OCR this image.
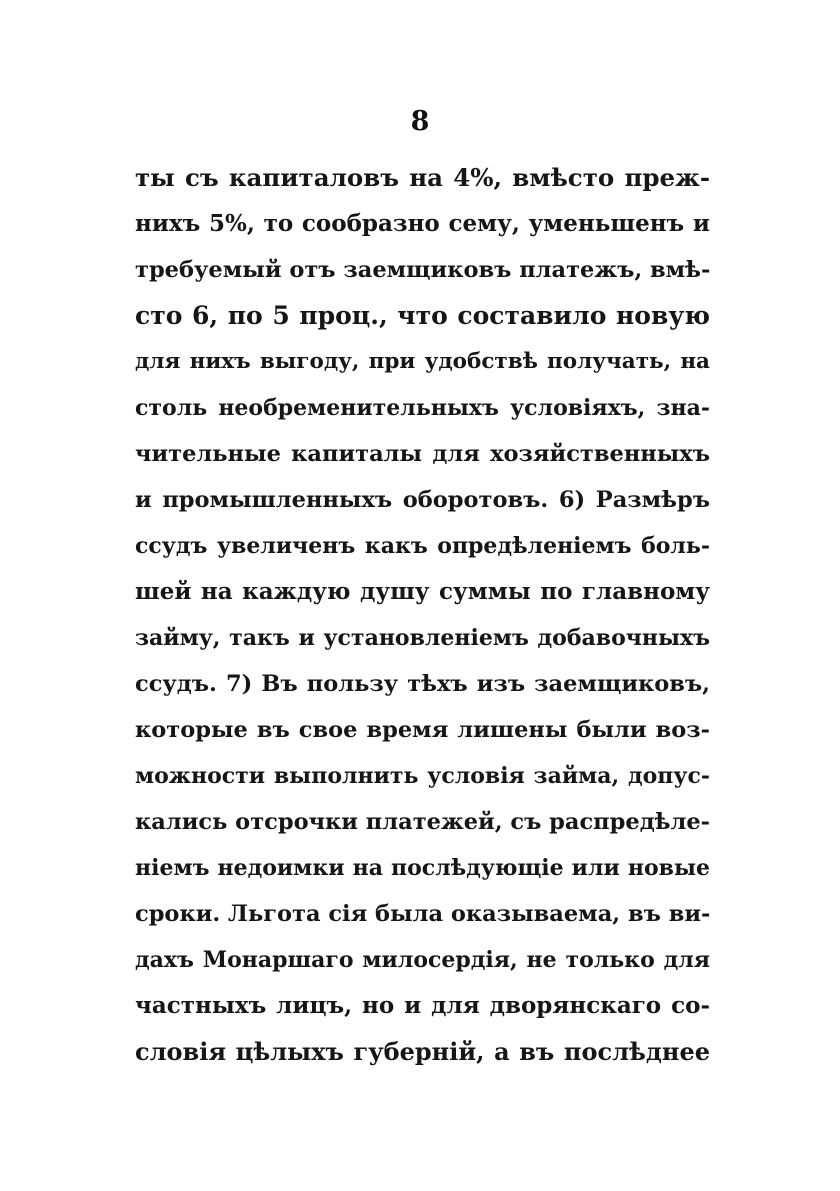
8
ты съ капиталовъ на 4%, вмѣсто преж-
нихъ 5%, то сообразно сему, уменьшенъ и
требуемый отъ заемщиковъ платежъ, вмѣ-
сто 6, по 5 проц., что составило новую
для нихъ выгоду, при удобствѣ получать, на
столь необременительныхъ условiяхъ, зна-
чительные капиталы для хозяйственныхъ
и промышленныхъ оборотовъ. 6) Размѣръ
ссудъ увеличенъ какъ опредѣленiемъ боль-
шей на каждую душу суммы по главному
займу, такъ и установленiемъ добавочныхъ
ссудъ. 7) Въ пользу тѣхъ изъ заемщиковъ,
которые въ свое время лишены были воз-
можности выполнить условiя займа, допус-
кались отсрочки платежей, съ распредѣле-
нiемъ недоимки на послѣдующiе или новые
сроки. Льгота сiя была оказываема, въ ви-
дахъ Монаршаго милосердiя, не только для
частныхъ лицъ, но и для дворянскаго со-
словiя цѣлыхъ губернiй, а въ послѣднее
